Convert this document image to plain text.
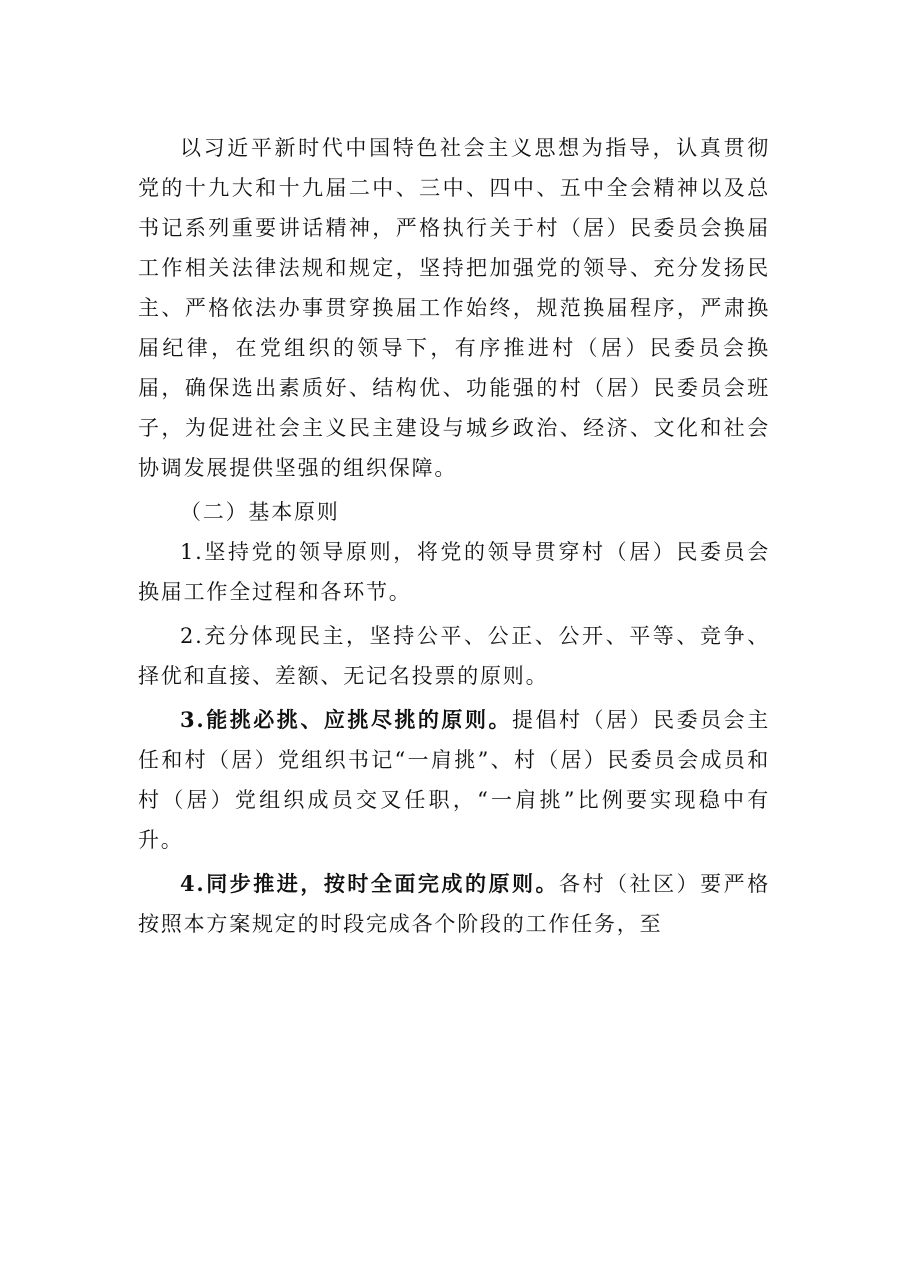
以习近平新时代中国特色社会主义思想为指导，认真贯彻党的十九大和十九届二中、三中、四中、五中全会精神以及总书记系列重要讲话精神，严格执行关于村（居）民委员会换届工作相关法律法规和规定，坚持把加强党的领导、充分发扬民主、严格依法办事贯穿换届工作始终，规范换届程序，严肃换届纪律，在党组织的领导下，有序推进村（居）民委员会换届，确保选出素质好、结构优、功能强的村（居）民委员会班子，为促进社会主义民主建设与城乡政治、经济、文化和社会协调发展提供坚强的组织保障。

（二）基本原则

1.坚持党的领导原则，将党的领导贯穿村（居）民委员会换届工作全过程和各环节。

2.充分体现民主，坚持公平、公正、公开、平等、竞争、择优和直接、差额、无记名投票的原则。

3.能挑必挑、应挑尽挑的原则。提倡村（居）民委员会主任和村（居）党组织书记“一肩挑”、村（居）民委员会成员和村（居）党组织成员交叉任职，“一肩挑”比例要实现稳中有升。

4.同步推进，按时全面完成的原则。各村（社区）要严格按照本方案规定的时段完成各个阶段的工作任务，至
